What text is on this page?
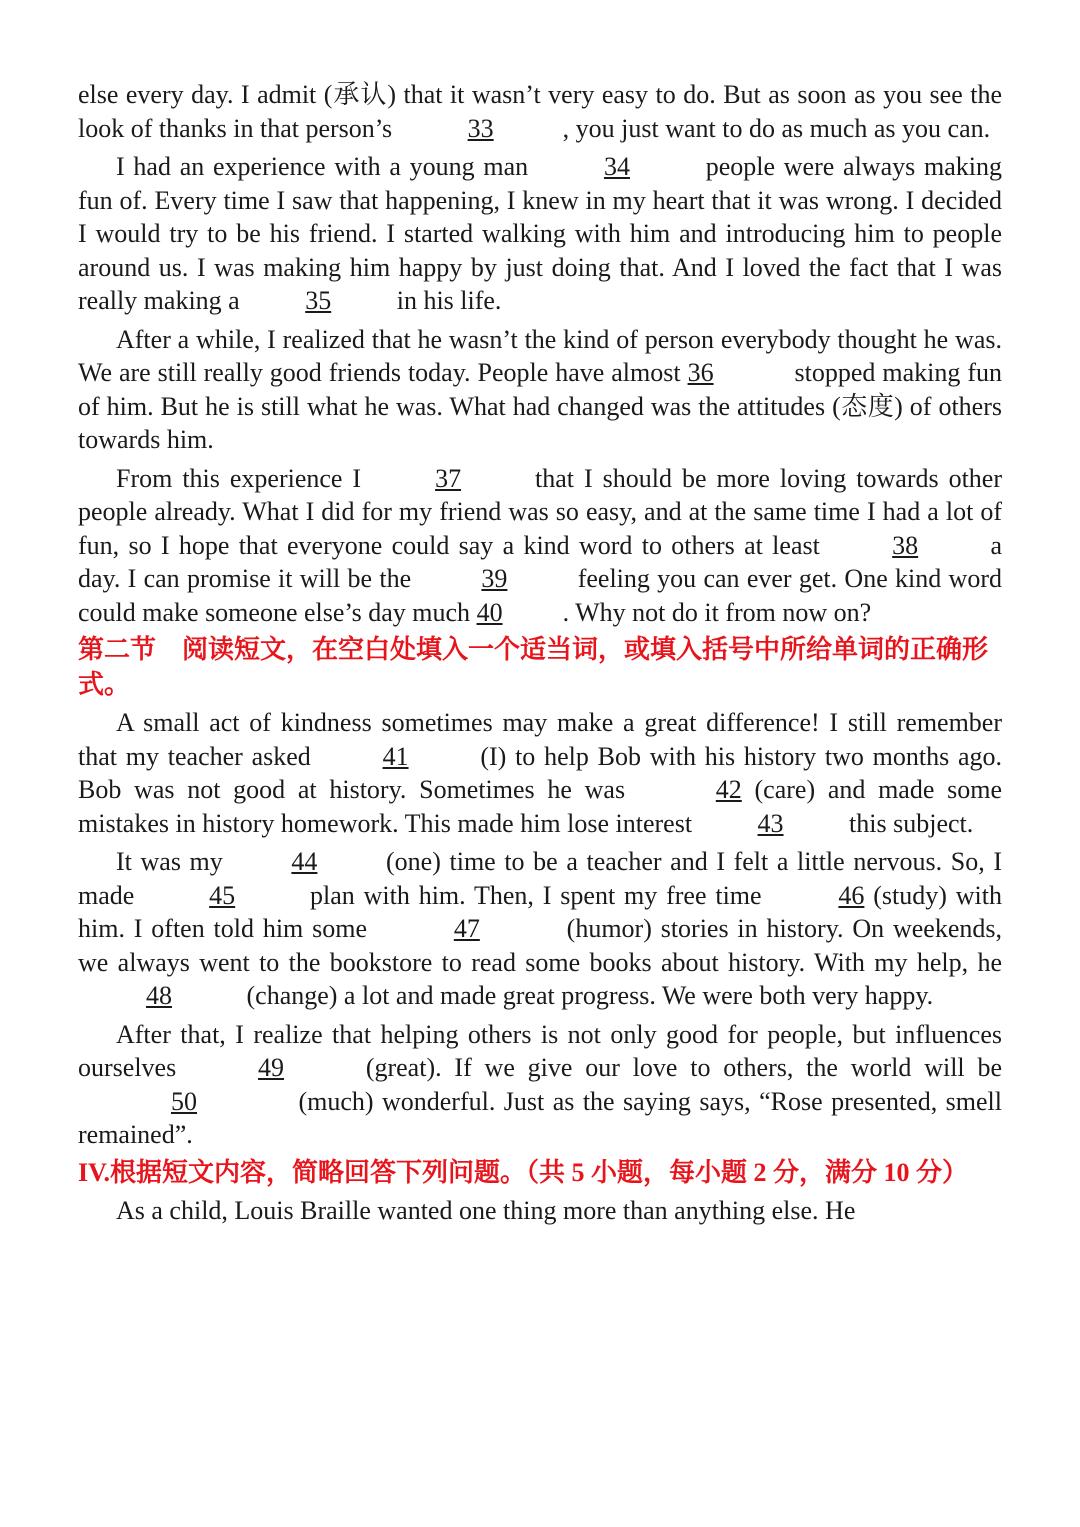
else every day. I admit (承认) that it wasn’t very easy to do. But as soon as you see the look of thanks in that person’s	33	, you just want to do as much as you can.

I had an experience with a young man	34	people were always making fun of. Every time I saw that happening, I knew in my heart that it was wrong. I decided I would try to be his friend. I started walking with him and introducing him to people around us. I was making him happy by just doing that. And I loved the fact that I was really making a 35 in his life.

After a while, I realized that he wasn’t the kind of person everybody thought he was. We are still really good friends today. People have almost 36	stopped making fun of him. But he is still what he was. What had changed was the attitudes (态度) of others towards him.

From this experience I 37 that I should be more loving towards other people already. What I did for my friend was so easy, and at the same time I had a lot of fun, so I hope that everyone could say a kind word to others at least 38 a day. I can promise it will be the 39 feeling you can ever get. One kind word could make someone else’s day much 40 . Why not do it from now on?

第二节　阅读短文，在空白处填入一个适当词，或填入括号中所给单词的正确形式。

A small act of kindness sometimes may make a great difference! I still remember that my teacher asked 41 (I) to help Bob with his history two months ago. Bob was not good at history. Sometimes he was	42 (care) and made some mistakes in history homework. This made him lose interest 43 this subject.

It was my 44 (one) time to be a teacher and I felt a little nervous. So, I made	45	plan with him. Then, I spent my free time	46 (study) with him. I often told him some	47	(humor) stories in history. On weekends, we always went to the bookstore to read some books about history. With my help, he 48	(change) a lot and made great progress. We were both very happy.

After that, I realize that helping others is not only good for people, but influences ourselves	49	(great). If we give our love to others, the world will be 50	(much) wonderful. Just as the saying says, “Rose presented, smell remained”.

IV.根据短文内容，简略回答下列问题。（共 5 小题，每小题 2 分，满分 10 分）

As a child, Louis Braille wanted one thing more than anything else. He
